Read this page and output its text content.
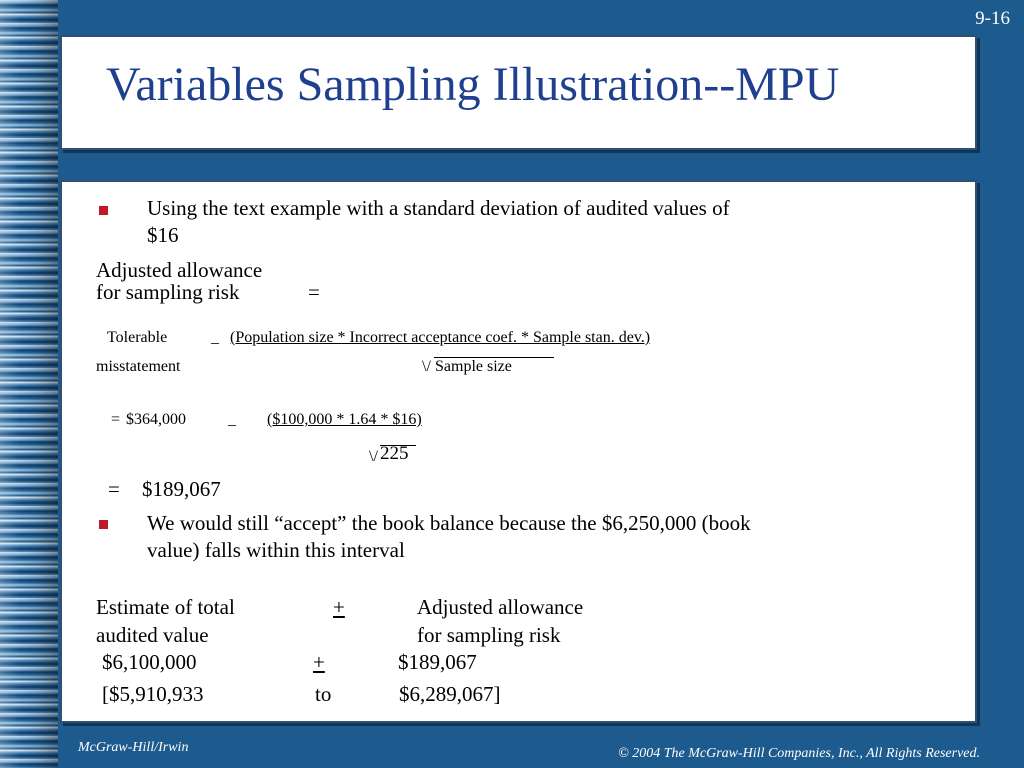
9-16
Variables Sampling Illustration--MPU
Using the text example with a standard deviation of audited values of
$16
Adjusted allowance
for sampling risk	=
Tolerable	_ (Population size * Incorrect acceptance coef. * Sample stan. dev.)
misstatement	\/ Sample size
= $364,000	_ ($100,000 * 1.64 * $16)
\/ 225
= $189,067
We would still “accept” the book balance because the $6,250,000 (book
value) falls within this interval
Estimate of total	+	Adjusted allowance
audited value	for sampling risk
$6,100,000	+	$189,067
[$5,910,933	to	$6,289,067]
McGraw-Hill/Irwin	© 2004 The McGraw-Hill Companies, Inc., All Rights Reserved.
